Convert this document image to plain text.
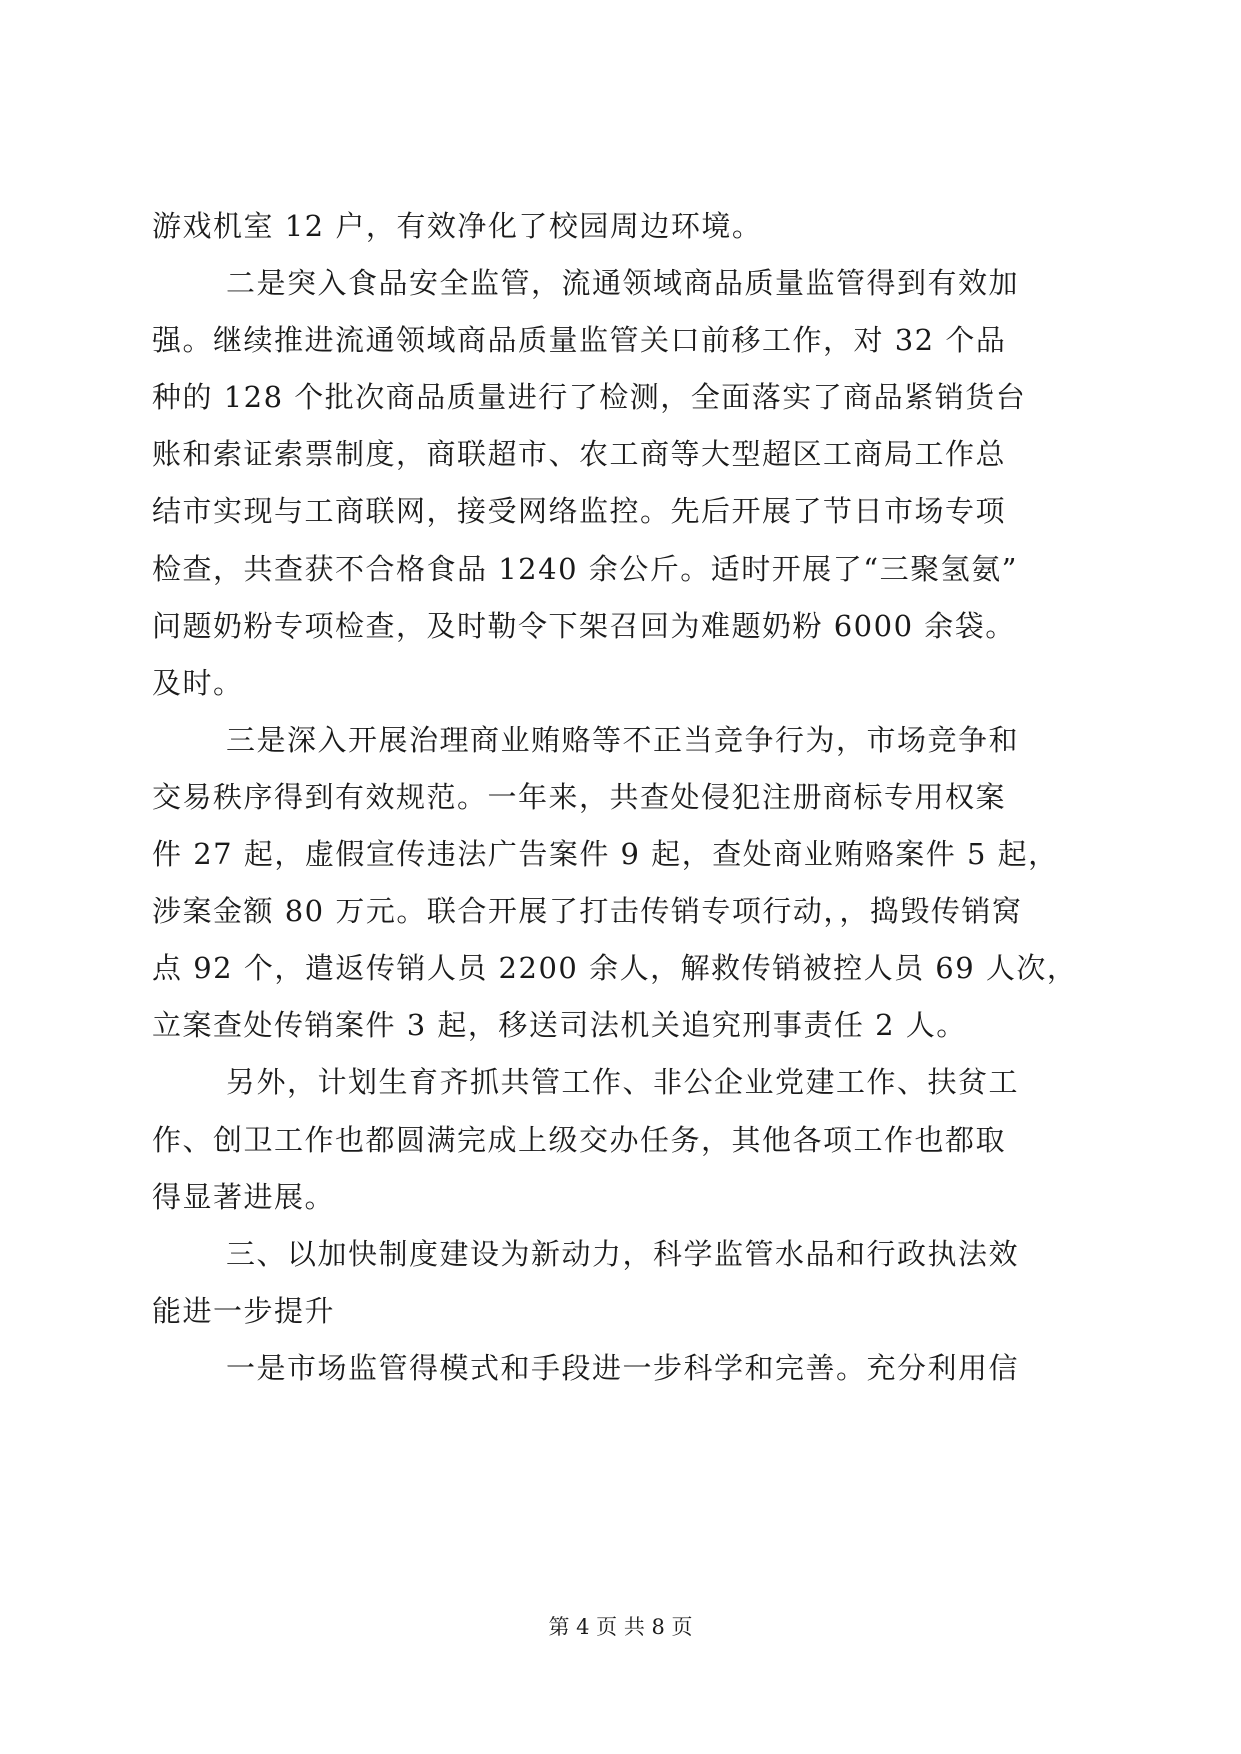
游戏机室 12 户，有效净化了校园周边环境。
二是突入食品安全监管，流通领域商品质量监管得到有效加
强。继续推进流通领域商品质量监管关口前移工作，对 32 个品
种的 128 个批次商品质量进行了检测，全面落实了商品紧销货台
账和索证索票制度，商联超市、农工商等大型超区工商局工作总
结市实现与工商联网，接受网络监控。先后开展了节日市场专项
检查，共查获不合格食品 1240 余公斤。适时开展了“三聚氢氨”
问题奶粉专项检查，及时勒令下架召回为难题奶粉 6000 余袋。
及时。
三是深入开展治理商业贿赂等不正当竞争行为，市场竞争和
交易秩序得到有效规范。一年来，共查处侵犯注册商标专用权案
件 27 起，虚假宣传违法广告案件 9 起，查处商业贿赂案件 5 起，
涉案金额 80 万元。联合开展了打击传销专项行动，，捣毁传销窝
点 92 个，遣返传销人员 2200 余人，解救传销被控人员 69 人次，
立案查处传销案件 3 起，移送司法机关追究刑事责任 2 人。
另外，计划生育齐抓共管工作、非公企业党建工作、扶贫工
作、创卫工作也都圆满完成上级交办任务，其他各项工作也都取
得显著进展。
三、以加快制度建设为新动力，科学监管水品和行政执法效
能进一步提升
一是市场监管得模式和手段进一步科学和完善。充分利用信
第 4 页 共 8 页
